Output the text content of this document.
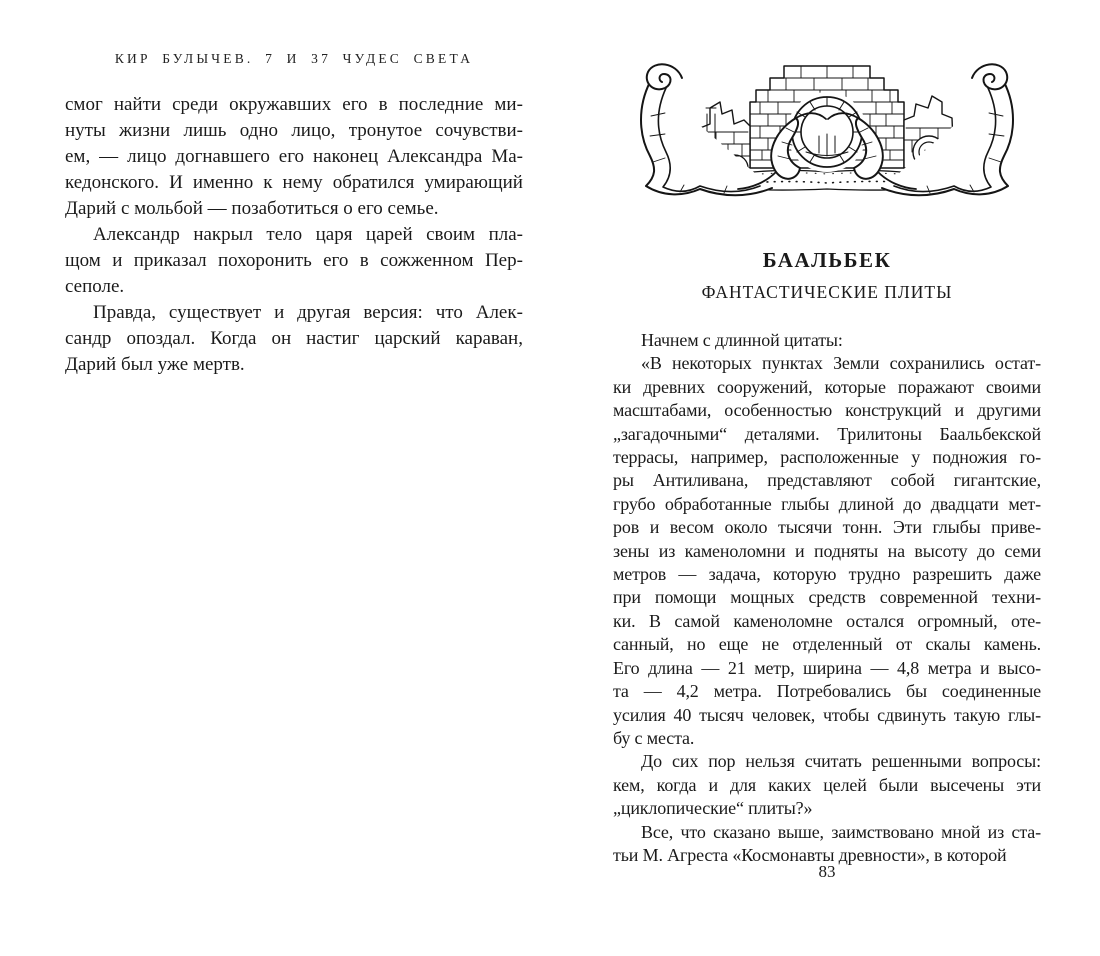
КИР БУЛЫЧЕВ. 7 И 37 ЧУДЕС СВЕТА
смог найти среди окружавших его в последние ми-
нуты жизни лишь одно лицо, тронутое сочувстви-
ем, — лицо догнавшего его наконец Александра Ма-
кедонского. И именно к нему обратился умирающий
Дарий с мольбой — позаботиться о его семье.
Александр накрыл тело царя царей своим пла-
щом и приказал похоронить его в сожженном Пер-
сеполе.
Правда, существует и другая версия: что Алек-
сандр опоздал. Когда он настиг царский караван,
Дарий был уже мертв.
БААЛЬБЕК
ФАНТАСТИЧЕСКИЕ ПЛИТЫ
Начнем с длинной цитаты:
«В некоторых пунктах Земли сохранились остат-
ки древних сооружений, которые поражают своими
масштабами, особенностью конструкций и другими
„загадочными“ деталями. Трилитоны Баальбекской
террасы, например, расположенные у подножия го-
ры Антиливана, представляют собой гигантские,
грубо обработанные глыбы длиной до двадцати мет-
ров и весом около тысячи тонн. Эти глыбы приве-
зены из каменоломни и подняты на высоту до семи
метров — задача, которую трудно разрешить даже
при помощи мощных средств современной техни-
ки. В самой каменоломне остался огромный, оте-
санный, но еще не отделенный от скалы камень.
Его длина — 21 метр, ширина — 4,8 метра и высо-
та — 4,2 метра. Потребовались бы соединенные
усилия 40 тысяч человек, чтобы сдвинуть такую глы-
бу с места.
До сих пор нельзя считать решенными вопросы:
кем, когда и для каких целей были высечены эти
„циклопические“ плиты?»
Все, что сказано выше, заимствовано мной из ста-
тьи М. Агреста «Космонавты древности», в которой
83
